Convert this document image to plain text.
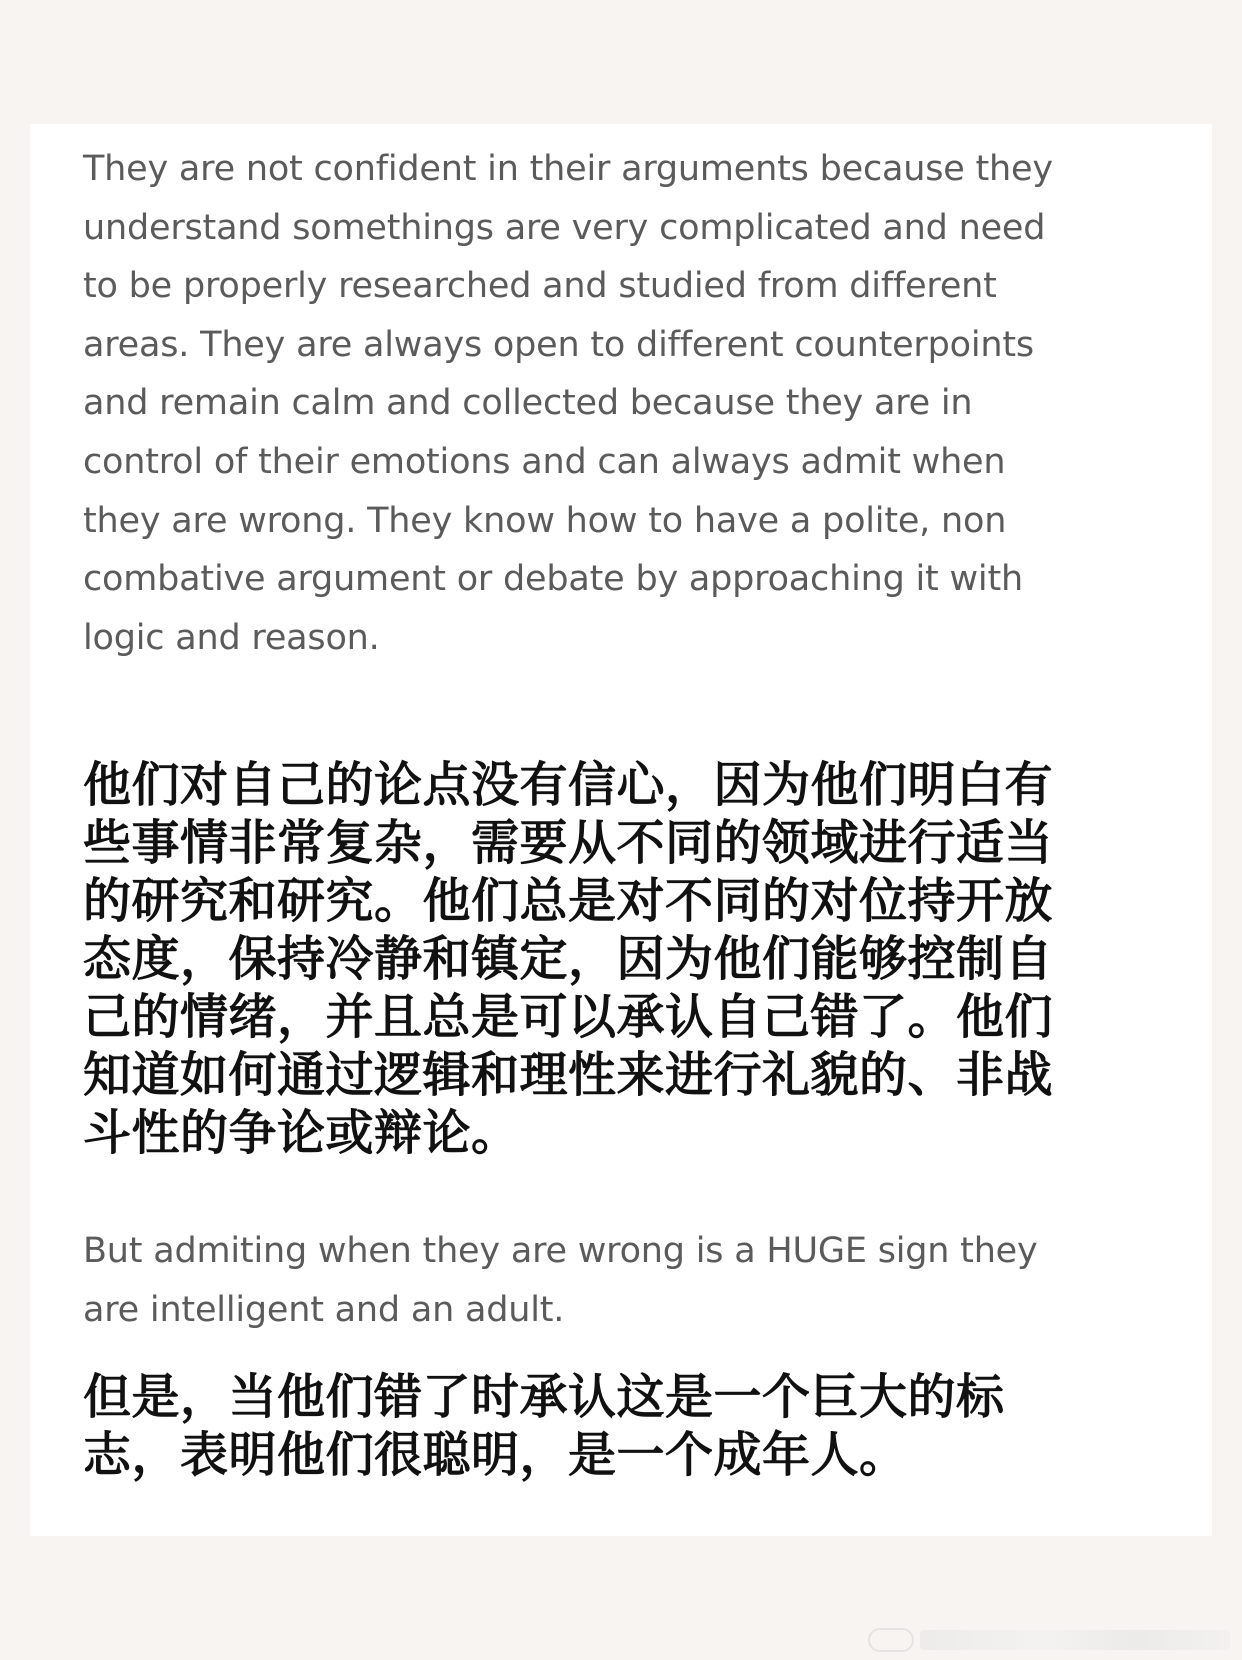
They are not confident in their arguments because they understand somethings are very complicated and need to be properly researched and studied from different areas. They are always open to different counterpoints and remain calm and collected because they are in control of their emotions and can always admit when they are wrong. They know how to have a polite, non combative argument or debate by approaching it with logic and reason.

他们对自己的论点没有信心，因为他们明白有些事情非常复杂，需要从不同的领域进行适当的研究和研究。他们总是对不同的对位持开放态度，保持冷静和镇定，因为他们能够控制自己的情绪，并且总是可以承认自己错了。他们知道如何通过逻辑和理性来进行礼貌的、非战斗性的争论或辩论。

But admiting when they are wrong is a HUGE sign they are intelligent and an adult.

但是，当他们错了时承认这是一个巨大的标志，表明他们很聪明，是一个成年人。
